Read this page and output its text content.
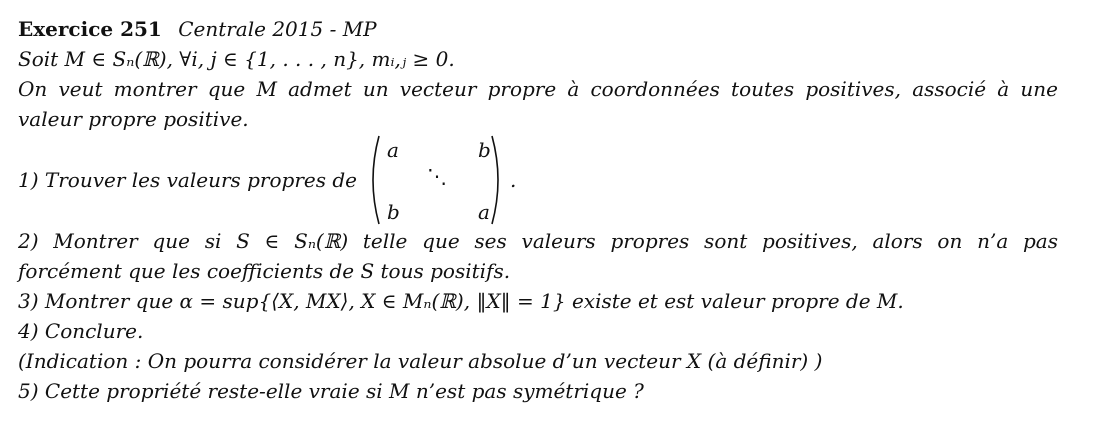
Exercice 251 Centrale 2015 - MP
Soit M ∈ Sₙ(ℝ), ∀i, j ∈ {1, . . . , n}, mᵢ,ⱼ ≥ 0.
On veut montrer que M admet un vecteur propre à coordonnées toutes positives, associé à une
valeur propre positive.
1) Trouver les valeurs propres de
a	b
⋱
b	a
.
2) Montrer que si S ∈ Sₙ(ℝ) telle que ses valeurs propres sont positives, alors on n’a pas
forcément que les coefficients de S tous positifs.
3) Montrer que α = sup{⟨X, MX⟩, X ∈ Mₙ(ℝ), ‖X‖ = 1} existe et est valeur propre de M.
4) Conclure.
(Indication : On pourra considérer la valeur absolue d’un vecteur X (à définir) )
5) Cette propriété reste-elle vraie si M n’est pas symétrique ?
